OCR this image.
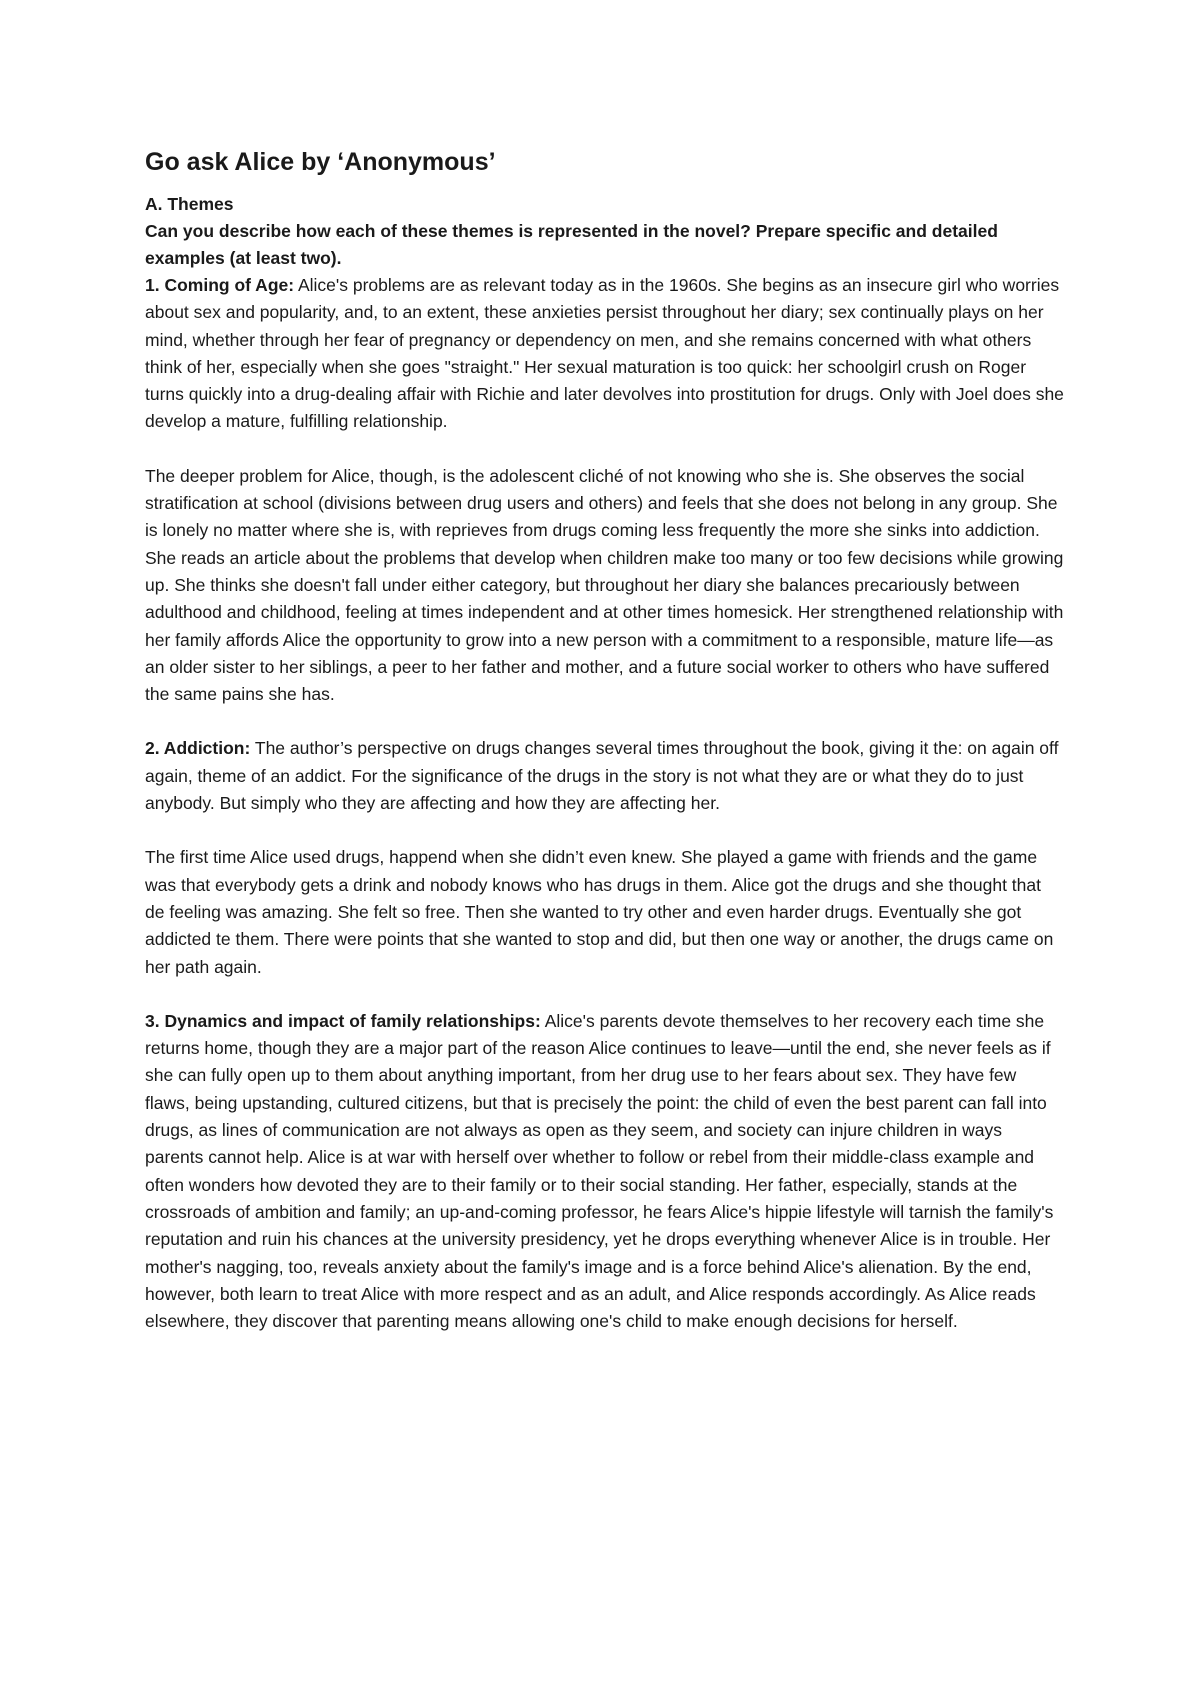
Go ask Alice by ‘Anonymous’
A. Themes
Can you describe how each of these themes is represented in the novel? Prepare specific and detailed examples (at least two).

1. Coming of Age: Alice's problems are as relevant today as in the 1960s. She begins as an insecure girl who worries about sex and popularity, and, to an extent, these anxieties persist throughout her diary; sex continually plays on her mind, whether through her fear of pregnancy or dependency on men, and she remains concerned with what others think of her, especially when she goes "straight." Her sexual maturation is too quick: her schoolgirl crush on Roger turns quickly into a drug-dealing affair with Richie and later devolves into prostitution for drugs. Only with Joel does she develop a mature, fulfilling relationship.

The deeper problem for Alice, though, is the adolescent cliché of not knowing who she is. She observes the social stratification at school (divisions between drug users and others) and feels that she does not belong in any group. She is lonely no matter where she is, with reprieves from drugs coming less frequently the more she sinks into addiction. She reads an article about the problems that develop when children make too many or too few decisions while growing up. She thinks she doesn't fall under either category, but throughout her diary she balances precariously between adulthood and childhood, feeling at times independent and at other times homesick. Her strengthened relationship with her family affords Alice the opportunity to grow into a new person with a commitment to a responsible, mature life—as an older sister to her siblings, a peer to her father and mother, and a future social worker to others who have suffered the same pains she has.

2. Addiction: The author’s perspective on drugs changes several times throughout the book, giving it the: on again off again, theme of an addict. For the significance of the drugs in the story is not what they are or what they do to just anybody. But simply who they are affecting and how they are affecting her.

The first time Alice used drugs, happend when she didn’t even knew. She played a game with friends and the game was that everybody gets a drink and nobody knows who has drugs in them. Alice got the drugs and she thought that de feeling was amazing. She felt so free. Then she wanted to try other and even harder drugs. Eventually she got addicted te them. There were points that she wanted to stop and did, but then one way or another, the drugs came on her path again.

3. Dynamics and impact of family relationships: Alice's parents devote themselves to her recovery each time she returns home, though they are a major part of the reason Alice continues to leave—until the end, she never feels as if she can fully open up to them about anything important, from her drug use to her fears about sex. They have few flaws, being upstanding, cultured citizens, but that is precisely the point: the child of even the best parent can fall into drugs, as lines of communication are not always as open as they seem, and society can injure children in ways parents cannot help. Alice is at war with herself over whether to follow or rebel from their middle-class example and often wonders how devoted they are to their family or to their social standing. Her father, especially, stands at the crossroads of ambition and family; an up-and-coming professor, he fears Alice's hippie lifestyle will tarnish the family's reputation and ruin his chances at the university presidency, yet he drops everything whenever Alice is in trouble. Her mother's nagging, too, reveals anxiety about the family's image and is a force behind Alice's alienation. By the end, however, both learn to treat Alice with more respect and as an adult, and Alice responds accordingly. As Alice reads elsewhere, they discover that parenting means allowing one's child to make enough decisions for herself.
